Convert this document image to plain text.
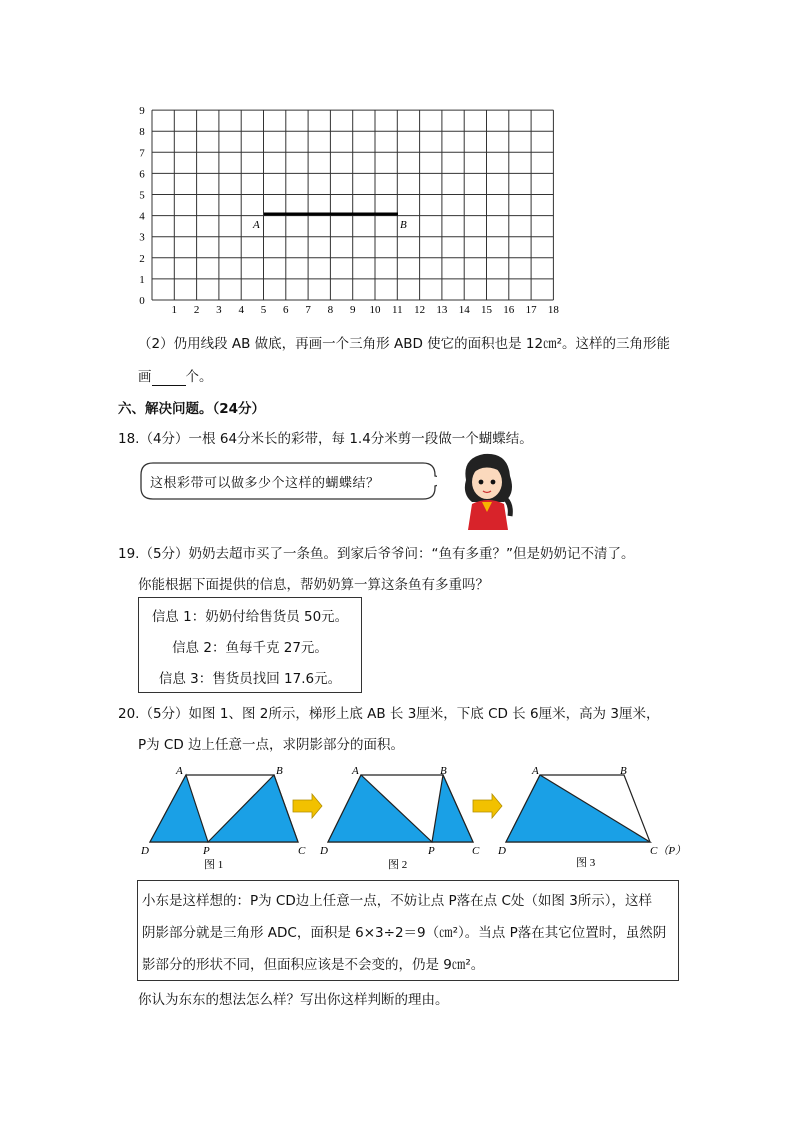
0
1
2
3
4
5
6
7
8
9
1 2 3 4 5 6 7 8 9 10 11 12 13 14 15 16 17 18
A	B
（2）仍用线段 AB 做底，再画一个三角形 ABD 使它的面积也是 12㎝²。这样的三角形能
画	个。
六、解决问题。（24分）
18.（4分）一根 64分米长的彩带，每 1.4分米剪一段做一个蝴蝶结。
这根彩带可以做多少个这样的蝴蝶结？
19.（5分）奶奶去超市买了一条鱼。到家后爷爷问：“鱼有多重？”但是奶奶记不清了。
你能根据下面提供的信息，帮奶奶算一算这条鱼有多重吗？
信息 1：奶奶付给售货员 50元。
信息 2：鱼每千克 27元。
信息 3：售货员找回 17.6元。
20.（5分）如图 1、图 2所示，梯形上底 AB 长 3厘米，下底 CD 长 6厘米，高为 3厘米，
P为 CD 边上任意一点，求阴影部分的面积。
A	B
C
D	P
图 1
A	B
C
D	P
图 2
A	B
C（P）
D
图 3
小东是这样想的：P为 CD边上任意一点，不妨让点 P落在点 C处（如图 3所示），这样
阴影部分就是三角形 ADC，面积是 6×3÷2＝9（㎝²）。当点 P落在其它位置时，虽然阴
影部分的形状不同，但面积应该是不会变的，仍是 9㎝²。
你认为东东的想法怎么样？写出你这样判断的理由。
